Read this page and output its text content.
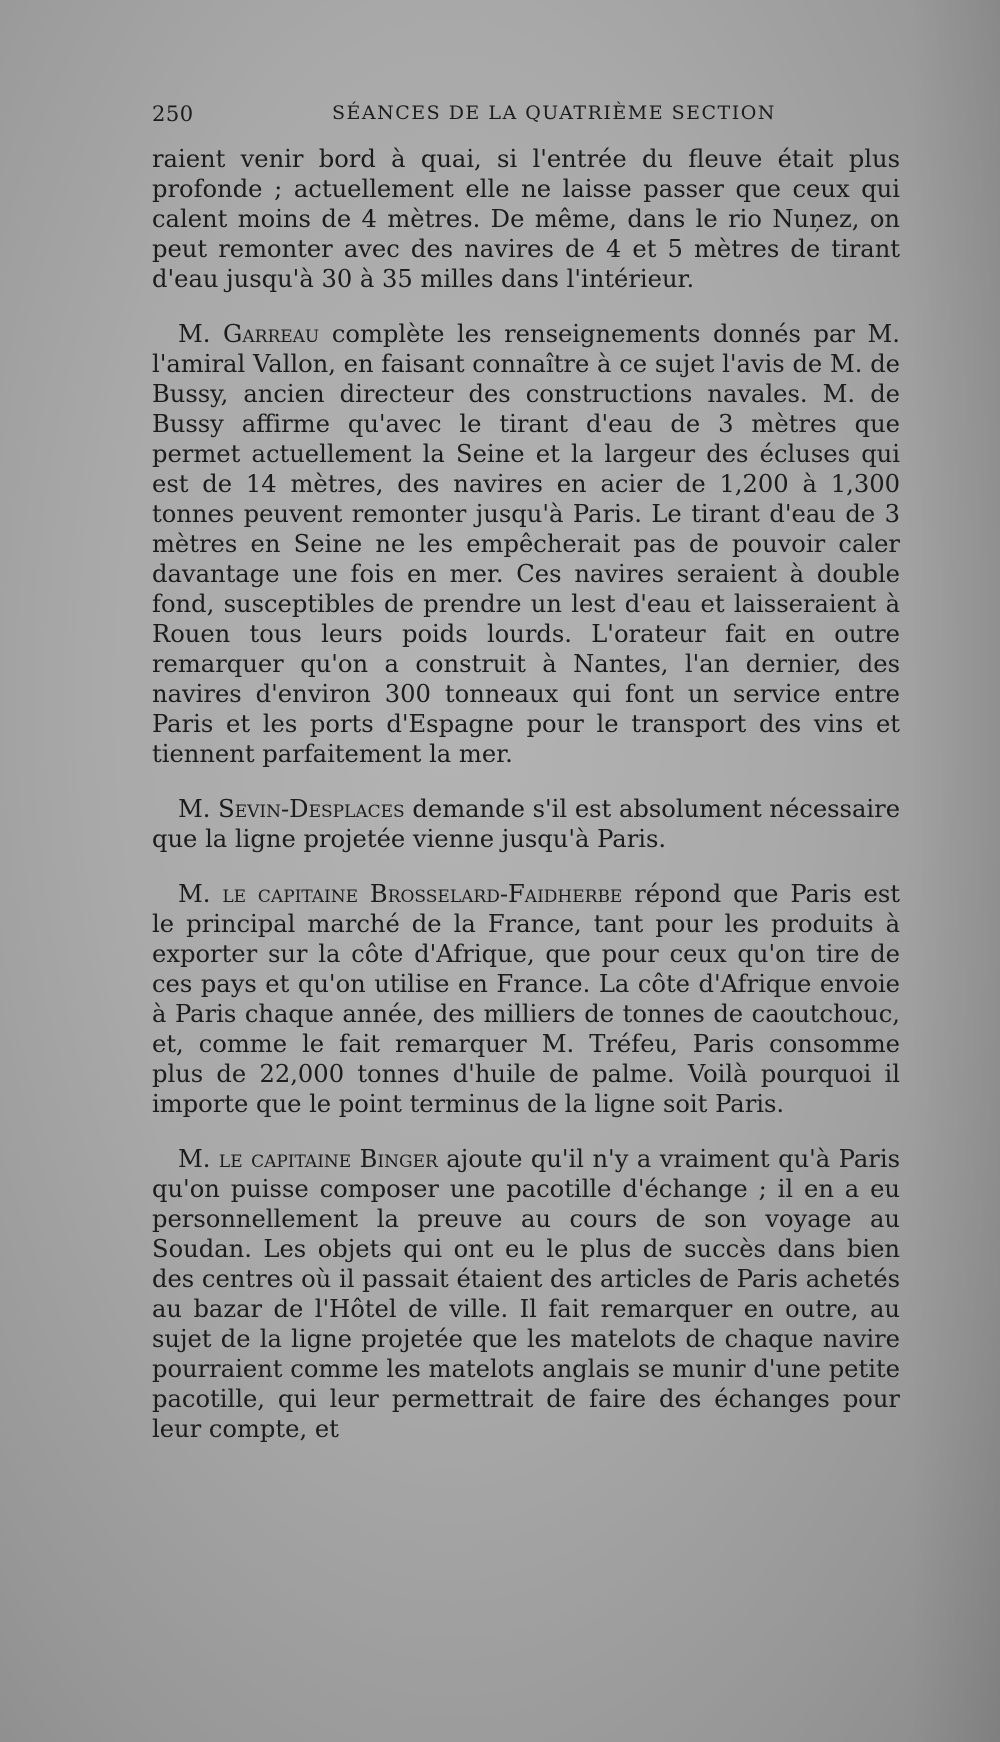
250	SÉANCES DE LA QUATRIÈME SECTION

raient venir bord à quai, si l'entrée du fleuve était plus profonde ; actuellement elle ne laisse passer que ceux qui calent moins de 4 mètres. De même, dans le rio Nuņez, on peut remonter avec des navires de 4 et 5 mètres de tirant d'eau jusqu'à 30 à 35 milles dans l'intérieur.

M. Garreau complète les renseignements donnés par M. l'amiral Vallon, en faisant connaître à ce sujet l'avis de M. de Bussy, ancien directeur des constructions navales. M. de Bussy affirme qu'avec le tirant d'eau de 3 mètres que permet actuellement la Seine et la largeur des écluses qui est de 14 mètres, des navires en acier de 1,200 à 1,300 tonnes peuvent remonter jusqu'à Paris. Le tirant d'eau de 3 mètres en Seine ne les empêcherait pas de pouvoir caler davantage une fois en mer. Ces navires seraient à double fond, susceptibles de prendre un lest d'eau et laisseraient à Rouen tous leurs poids lourds. L'orateur fait en outre remarquer qu'on a construit à Nantes, l'an dernier, des navires d'environ 300 tonneaux qui font un service entre Paris et les ports d'Espagne pour le transport des vins et tiennent parfaitement la mer.

M. Sevin-Desplaces demande s'il est absolument nécessaire que la ligne projetée vienne jusqu'à Paris.

M. le capitaine Brosselard-Faidherbe répond que Paris est le principal marché de la France, tant pour les produits à exporter sur la côte d'Afrique, que pour ceux qu'on tire de ces pays et qu'on utilise en France. La côte d'Afrique envoie à Paris chaque année, des milliers de tonnes de caoutchouc, et, comme le fait remarquer M. Tréfeu, Paris consomme plus de 22,000 tonnes d'huile de palme. Voilà pourquoi il importe que le point terminus de la ligne soit Paris.

M. le capitaine Binger ajoute qu'il n'y a vraiment qu'à Paris qu'on puisse composer une pacotille d'échange ; il en a eu personnellement la preuve au cours de son voyage au Soudan. Les objets qui ont eu le plus de succès dans bien des centres où il passait étaient des articles de Paris achetés au bazar de l'Hôtel de ville. Il fait remarquer en outre, au sujet de la ligne projetée que les matelots de chaque navire pourraient comme les matelots anglais se munir d'une petite pacotille, qui leur permettrait de faire des échanges pour leur compte, et
